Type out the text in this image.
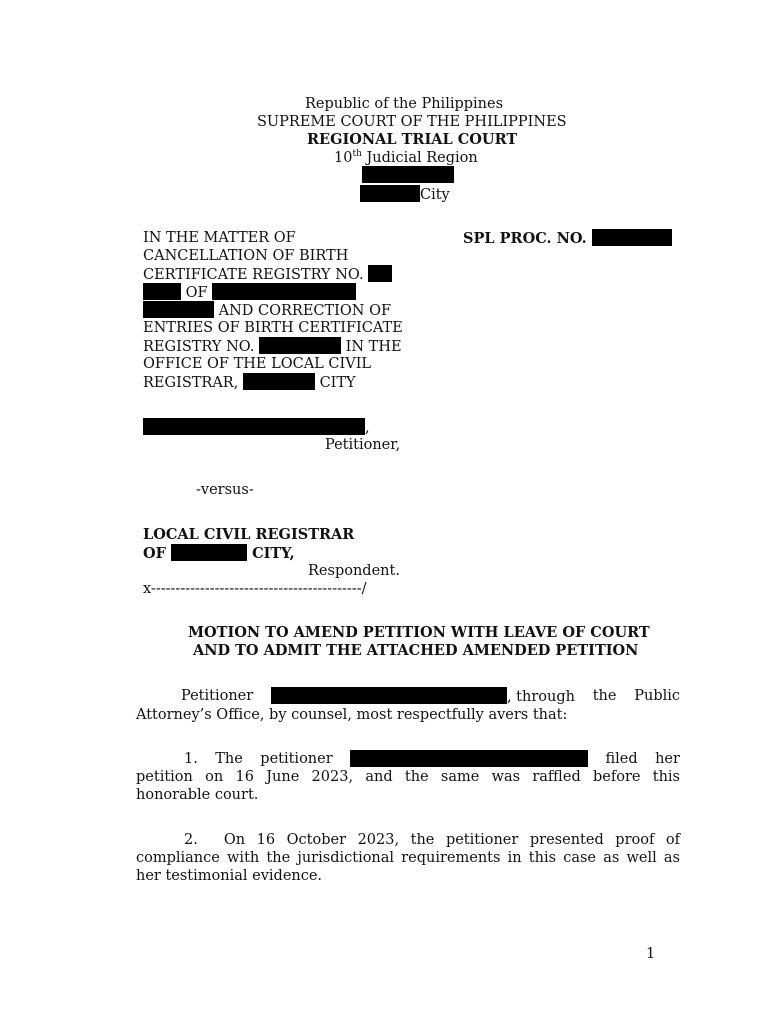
Republic of the Philippines
SUPREME COURT OF THE PHILIPPINES
REGIONAL TRIAL COURT
10th Judicial Region
City
IN THE MATTER OF
CANCELLATION OF BIRTH
CERTIFICATE REGISTRY NO.
OF
AND CORRECTION OF
ENTRIES OF BIRTH CERTIFICATE
REGISTRY NO.	IN THE
OFFICE OF THE LOCAL CIVIL
REGISTRAR,	CITY
SPL PROC. NO.
,
Petitioner,
-versus-
LOCAL CIVIL REGISTRAR
OF	CITY,
Respondent.
x-------------------------------------------/
MOTION TO AMEND PETITION WITH LEAVE OF COURT
AND TO ADMIT THE ATTACHED AMENDED PETITION
Petitioner	, through the Public
Attorney’s Office, by counsel, most respectfully avers that:
1. The petitioner	filed her
petition on 16 June 2023, and the same was raffled before this
honorable court.
2. On 16 October 2023, the petitioner presented proof of
compliance with the jurisdictional requirements in this case as well as
her testimonial evidence.
1
